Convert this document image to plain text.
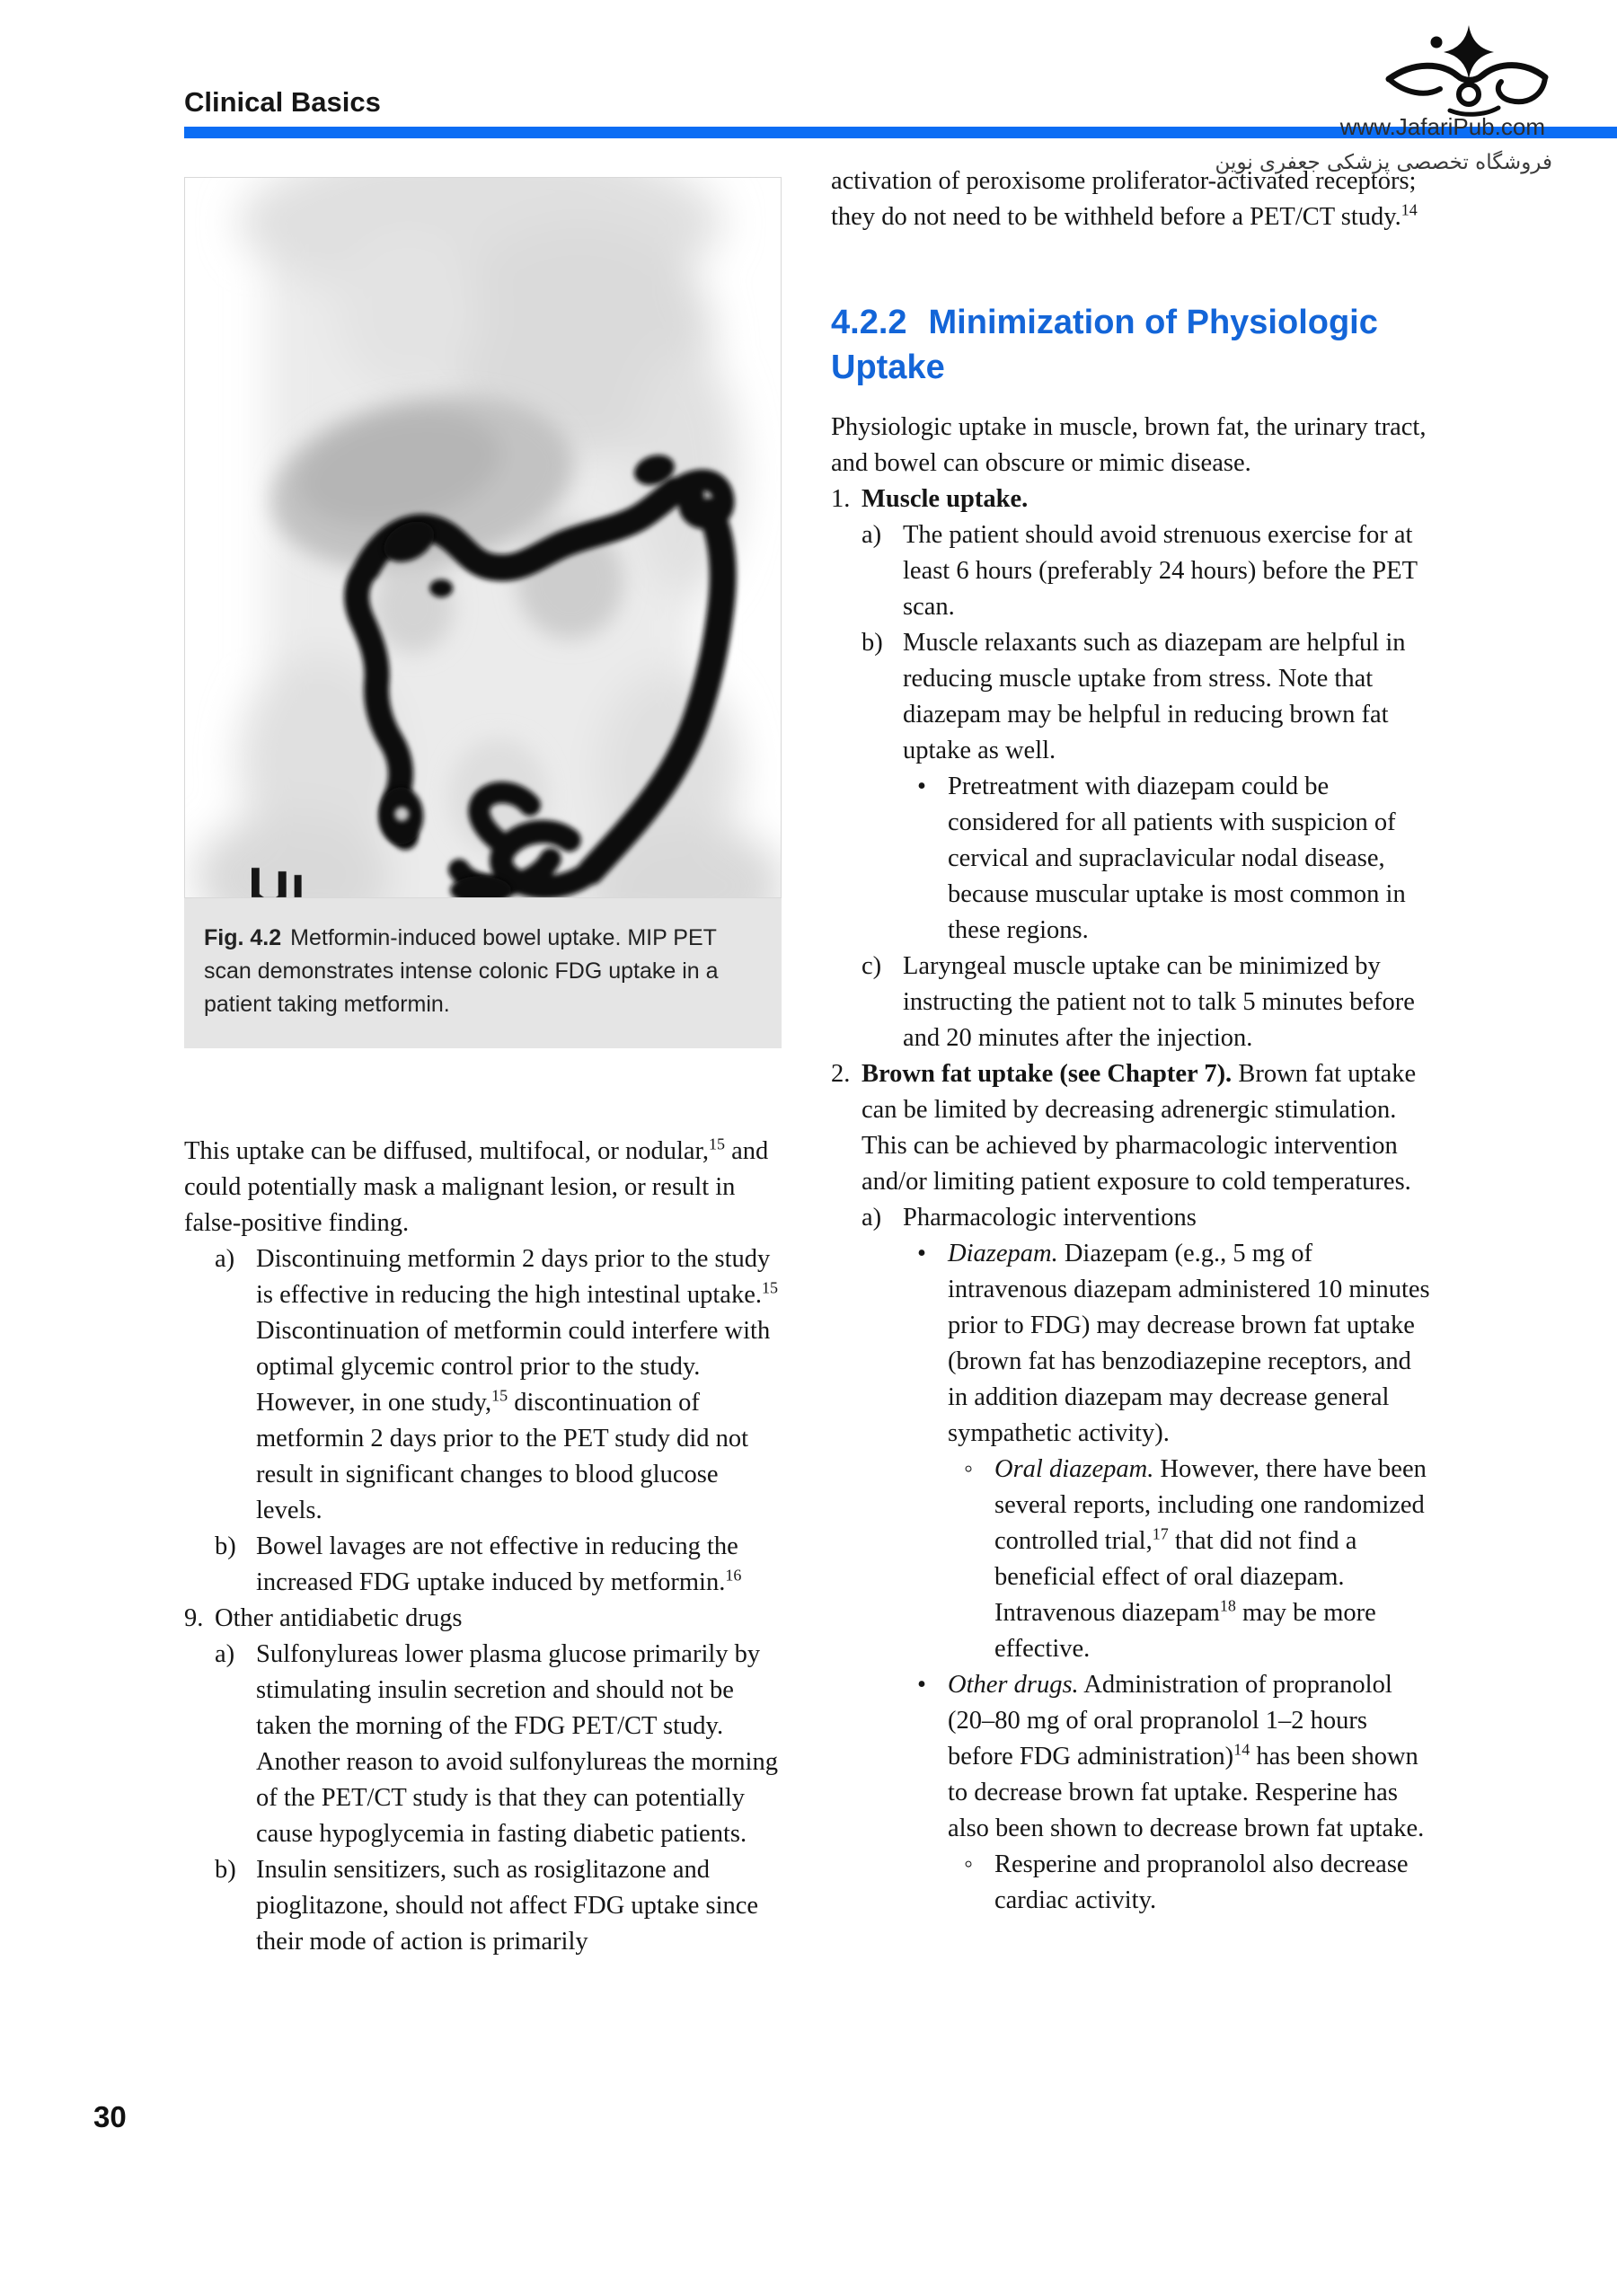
Clinical Basics
www.JafariPub.com
فروشگاه تخصصی پزشکی جعفری نوین
Fig. 4.2 Metformin-induced bowel uptake. MIP PET scan demonstrates intense colonic FDG uptake in a patient taking metformin.

This uptake can be diffused, multifocal, or nodular,$^{15}$ and could potentially mask a malignant lesion, or result in false-positive finding.

a) Discontinuing metformin 2 days prior to the study is effective in reducing the high intestinal uptake.$^{15}$ Discontinuation of metformin could interfere with optimal glycemic control prior to the study. However, in one study,$^{15}$ discontinuation of metformin 2 days prior to the PET study did not result in significant changes to blood glucose levels.
b) Bowel lavages are not effective in reducing the increased FDG uptake induced by metformin.$^{16}$
9. Other antidiabetic drugs
a) Sulfonylureas lower plasma glucose primarily by stimulating insulin secretion and should not be taken the morning of the FDG PET/CT study. Another reason to avoid sulfonylureas the morning of the PET/CT study is that they can potentially cause hypoglycemia in fasting diabetic patients.
b) Insulin sensitizers, such as rosiglitazone and pioglitazone, should not affect FDG uptake since their mode of action is primarily

activation of peroxisome proliferator-activated receptors; they do not need to be withheld before a PET/CT study.$^{14}$

4.2.2 Minimization of Physiologic Uptake

Physiologic uptake in muscle, brown fat, the urinary tract, and bowel can obscure or mimic disease.

1. Muscle uptake.
a) The patient should avoid strenuous exercise for at least 6 hours (preferably 24 hours) before the PET scan.
b) Muscle relaxants such as diazepam are helpful in reducing muscle uptake from stress. Note that diazepam may be helpful in reducing brown fat uptake as well.
• Pretreatment with diazepam could be considered for all patients with suspicion of cervical and supraclavicular nodal disease, because muscular uptake is most common in these regions.
c) Laryngeal muscle uptake can be minimized by instructing the patient not to talk 5 minutes before and 20 minutes after the injection.
2. Brown fat uptake (see Chapter 7). Brown fat uptake can be limited by decreasing adrenergic stimulation. This can be achieved by pharmacologic intervention and/or limiting patient exposure to cold temperatures.
a) Pharmacologic interventions
• Diazepam. Diazepam (e.g., 5 mg of intravenous diazepam administered 10 minutes prior to FDG) may decrease brown fat uptake (brown fat has benzodiazepine receptors, and in addition diazepam may decrease general sympathetic activity).
◦ Oral diazepam. However, there have been several reports, including one randomized controlled trial,$^{17}$ that did not find a beneficial effect of oral diazepam. Intravenous diazepam$^{18}$ may be more effective.
• Other drugs. Administration of propranolol (20–80 mg of oral propranolol 1–2 hours before FDG administration)$^{14}$ has been shown to decrease brown fat uptake. Resperine has also been shown to decrease brown fat uptake.
◦ Resperine and propranolol also decrease cardiac activity.
30
